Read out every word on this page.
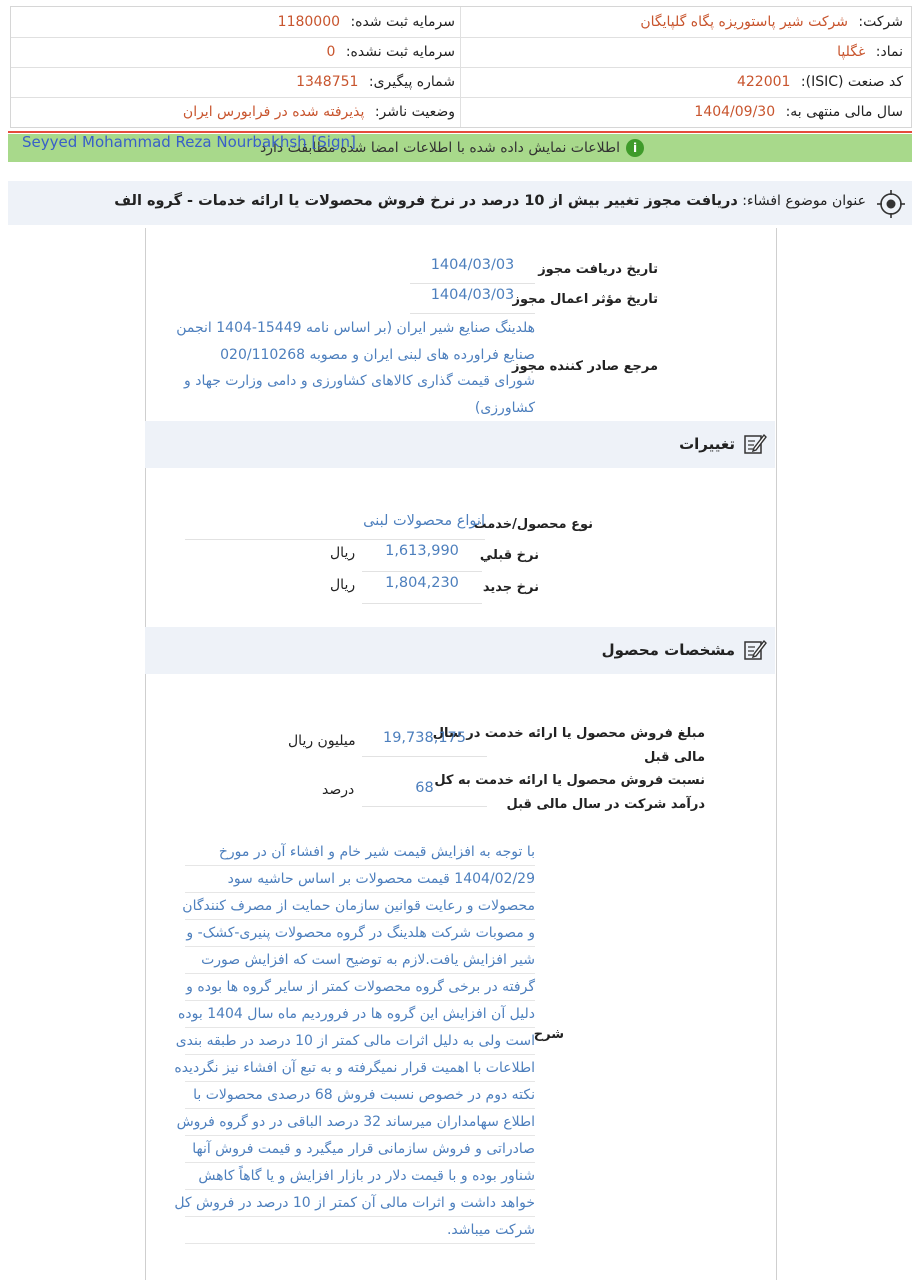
شرکت: شرکت شیر پاستوریزه پگاه گلپایگان
سرمایه ثبت شده: 1180000
نماد: غگلپا
سرمایه ثبت نشده: 0
کد صنعت (ISIC): 422001
شماره پیگیری: 1348751
سال مالی منتهی به: 1404/09/30
وضعیت ناشر: پذیرفته شده در فرابورس ایران
i
اطلاعات نمایش داده شده با اطلاعات امضا شده مطابقت دارد
Seyyed Mohammad Reza Nourbakhsh [Sign]
عنوان موضوع افشاء: دریافت مجوز تغییر بیش از 10 درصد در نرخ فروش محصولات یا ارائه خدمات - گروه الف
تاریخ دریافت مجوز
1404/03/03
تاریخ مؤثر اعمال مجوز
1404/03/03
مرجع صادر کننده مجوز
هلدینگ صنایع شیر ایران (بر اساس نامه 15449-1404 انجمن
صنایع فراورده های لبنی ایران و مصوبه 020/110268
شورای قیمت گذاری کالاهای کشاورزی و دامی وزارت جهاد و
کشاورزی)
تغییرات
نوع محصول/خدمت
انواع محصولات لبنی
نرخ قبلي
1,613,990
ریال
نرخ جدید
1,804,230
ریال
مشخصات محصول
مبلغ فروش محصول یا ارائه خدمت در سال
مالی قبل
19,738,175
میلیون ریال
نسبت فروش محصول یا ارائه خدمت به کل
درآمد شرکت در سال مالی قبل
68
درصد
شرح
با توجه به افزایش قیمت شیر خام و افشاء آن در مورخ
1404/02/29 قیمت محصولات بر اساس حاشیه سود
محصولات و رعایت قوانین سازمان حمایت از مصرف کنندگان
و مصوبات شرکت هلدینگ در گروه محصولات پنیری-کشک- و
شیر افزایش یافت.لازم به توضیح است که افزایش صورت
گرفته در برخی گروه محصولات کمتر از سایر گروه ها بوده و
دلیل آن افزایش این گروه ها در فروردیم ماه سال 1404 بوده
است ولی به دلیل اثرات مالی کمتر از 10 درصد در طبقه بندی
اطلاعات با اهمیت قرار نمیگرفته و به تبع آن افشاء نیز نگردیده
نکته دوم در خصوص نسبت فروش 68 درصدی محصولات با
اطلاع سهامداران میرساند 32 درصد الباقی در دو گروه فروش
صادراتی و فروش سازمانی قرار میگیرد و قیمت فروش آنها
شناور بوده و با قیمت دلار در بازار افزایش و یا گاهاً کاهش
خواهد داشت و اثرات مالی آن کمتر از 10 درصد در فروش کل
شرکت میباشد.
